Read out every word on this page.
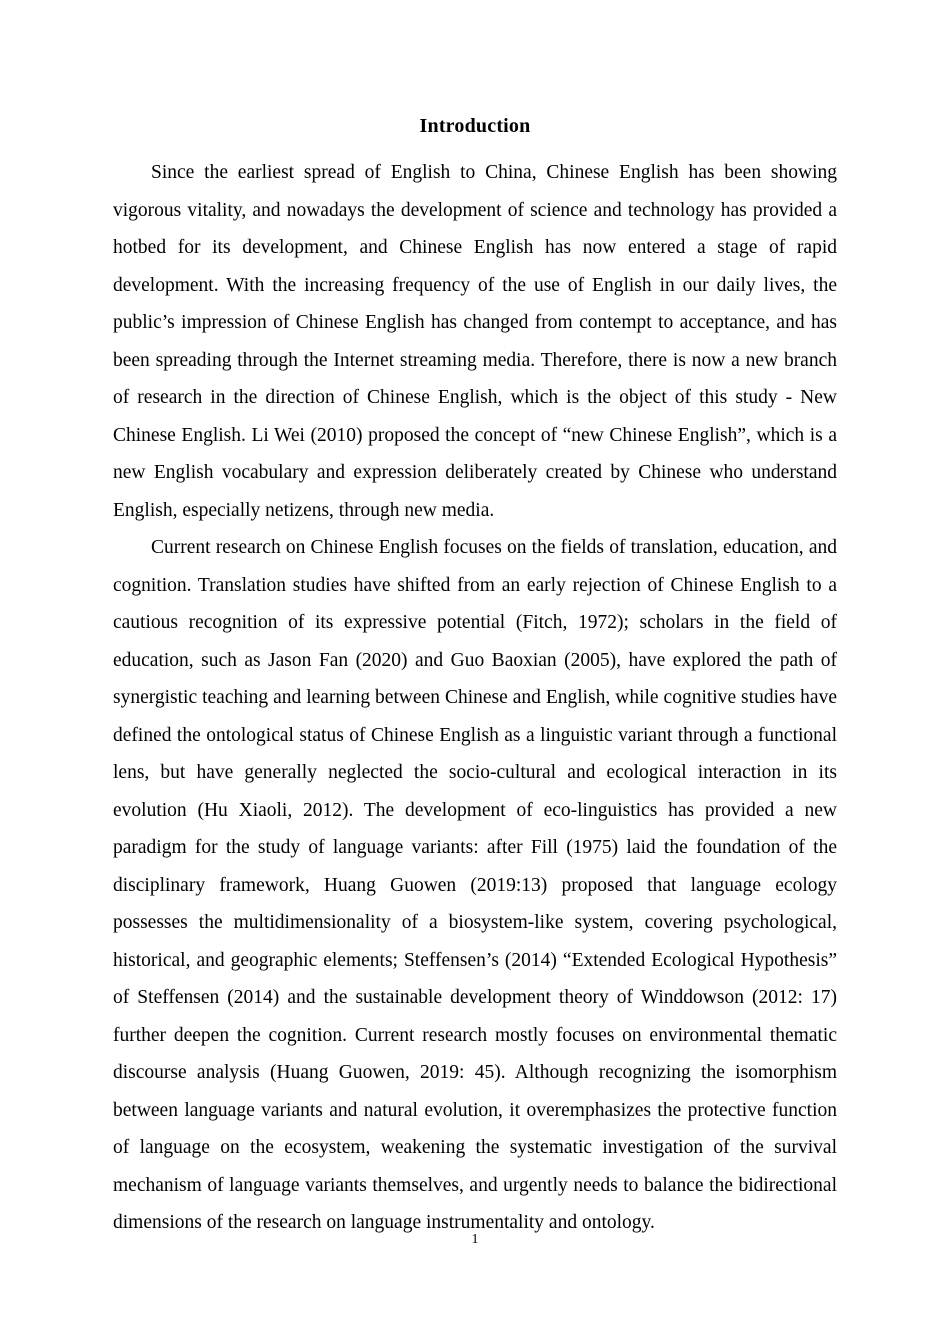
Introduction

Since the earliest spread of English to China, Chinese English has been showing vigorous vitality, and nowadays the development of science and technology has provided a hotbed for its development, and Chinese English has now entered a stage of rapid development. With the increasing frequency of the use of English in our daily lives, the public’s impression of Chinese English has changed from contempt to acceptance, and has been spreading through the Internet streaming media. Therefore, there is now a new branch of research in the direction of Chinese English, which is the object of this study - New Chinese English. Li Wei (2010) proposed the concept of “new Chinese English”, which is a new English vocabulary and expression deliberately created by Chinese who understand English, especially netizens, through new media.

Current research on Chinese English focuses on the fields of translation, education, and cognition. Translation studies have shifted from an early rejection of Chinese English to a cautious recognition of its expressive potential (Fitch, 1972); scholars in the field of education, such as Jason Fan (2020) and Guo Baoxian (2005), have explored the path of synergistic teaching and learning between Chinese and English, while cognitive studies have defined the ontological status of Chinese English as a linguistic variant through a functional lens, but have generally neglected the socio-cultural and ecological interaction in its evolution (Hu Xiaoli, 2012). The development of eco-linguistics has provided a new paradigm for the study of language variants: after Fill (1975) laid the foundation of the disciplinary framework, Huang Guowen (2019:13) proposed that language ecology possesses the multidimensionality of a biosystem-like system, covering psychological, historical, and geographic elements; Steffensen’s (2014) “Extended Ecological Hypothesis” of Steffensen (2014) and the sustainable development theory of Winddowson (2012: 17) further deepen the cognition. Current research mostly focuses on environmental thematic discourse analysis (Huang Guowen, 2019: 45). Although recognizing the isomorphism between language variants and natural evolution, it overemphasizes the protective function of language on the ecosystem, weakening the systematic investigation of the survival mechanism of language variants themselves, and urgently needs to balance the bidirectional dimensions of the research on language instrumentality and ontology.

1
